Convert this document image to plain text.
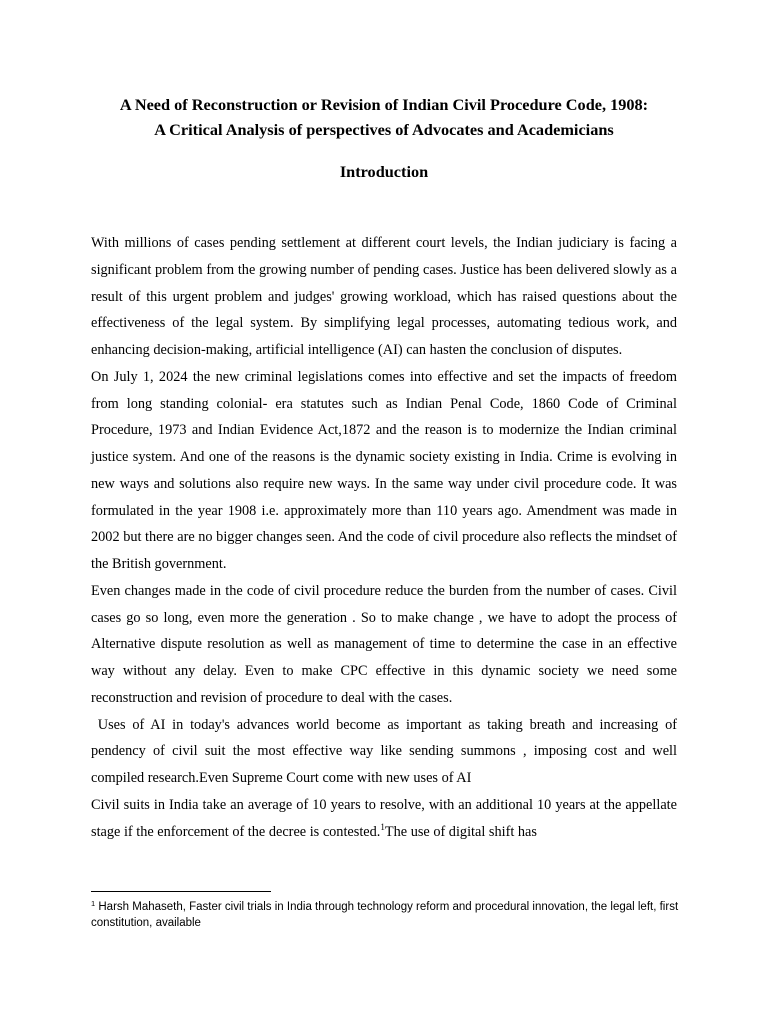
A Need of Reconstruction or Revision of Indian Civil Procedure Code, 1908:
A Critical Analysis of perspectives of Advocates and Academicians
Introduction

With millions of cases pending settlement at different court levels, the Indian judiciary is facing a significant problem from the growing number of pending cases. Justice has been delivered slowly as a result of this urgent problem and judges' growing workload, which has raised questions about the effectiveness of the legal system. By simplifying legal processes, automating tedious work, and enhancing decision-making, artificial intelligence (AI) can hasten the conclusion of disputes.

On July 1, 2024 the new criminal legislations comes into effective and set the impacts of freedom from long standing colonial- era statutes such as Indian Penal Code, 1860 Code of Criminal Procedure, 1973 and Indian Evidence Act,1872 and the reason is to modernize the Indian criminal justice system. And one of the reasons is the dynamic society existing in India. Crime is evolving in new ways and solutions also require new ways. In the same way under civil procedure code. It was formulated in the year 1908 i.e. approximately more than 110 years ago. Amendment was made in 2002 but there are no bigger changes seen. And the code of civil procedure also reflects the mindset of the British government.

Even changes made in the code of civil procedure reduce the burden from the number of cases. Civil cases go so long, even more the generation . So to make change , we have to adopt the process of Alternative dispute resolution as well as management of time to determine the case in an effective way without any delay. Even to make CPC effective in this dynamic society we need some reconstruction and revision of procedure to deal with the cases.

Uses of AI in today's advances world become as important as taking breath and increasing of pendency of civil suit the most effective way like sending summons , imposing cost and well compiled research.Even Supreme Court come with new uses of AI

Civil suits in India take an average of 10 years to resolve, with an additional 10 years at the appellate stage if the enforcement of the decree is contested.$^1$The use of digital shift has

$^1$ Harsh Mahaseth, Faster civil trials in India through technology reform and procedural innovation, the legal left, first constitution, available
